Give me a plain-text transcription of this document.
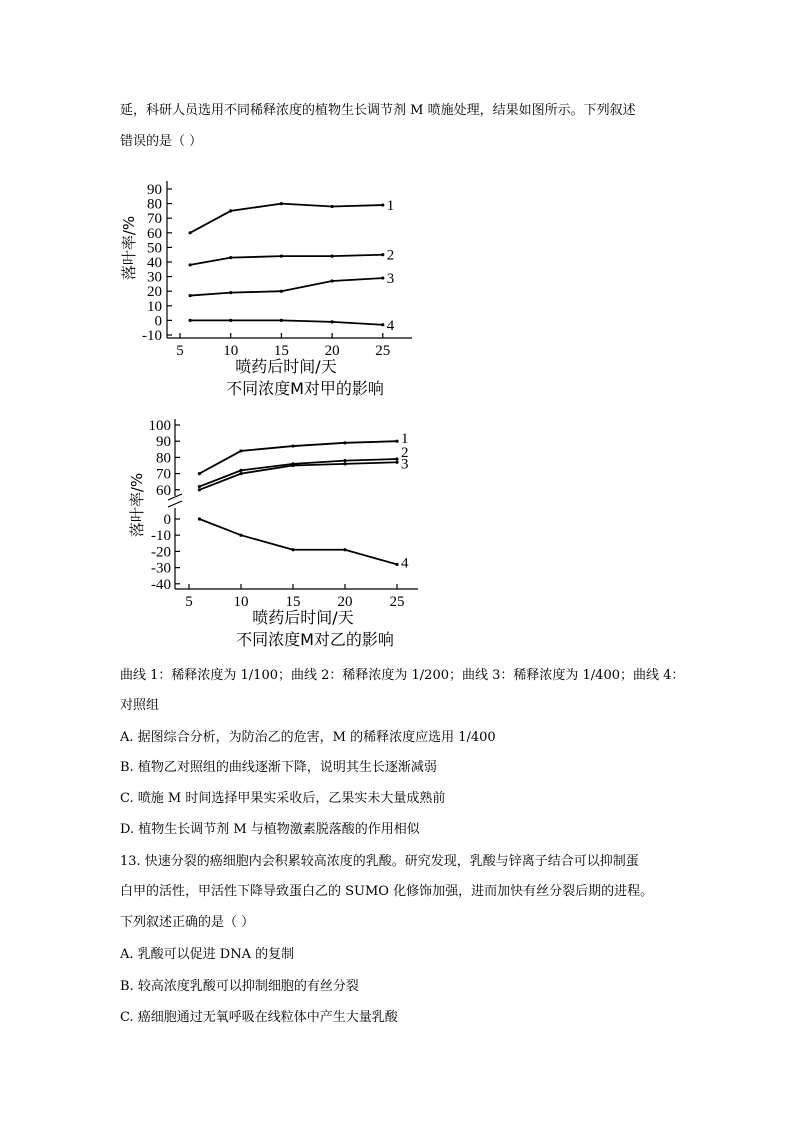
延，科研人员选用不同稀释浓度的植物生长调节剂 M 喷施处理，结果如图所示。下列叙述
错误的是（ ）
90
80
70
60
50
40
30
20
10
0
-10
5	10 15 20 25
落叶率/%
喷药后时间/天
不同浓度M对甲的影响
1
2
3
4
100
90
80
70
60
0
-10
-20
-30
-40
5	10 15 20 25
落叶率/%
喷药后时间/天
不同浓度M对乙的影响
1
2
3
4
曲线 1：稀释浓度为 1/100；曲线 2：稀释浓度为 1/200；曲线 3：稀释浓度为 1/400；曲线 4：
对照组
A. 据图综合分析，为防治乙的危害，M 的稀释浓度应选用 1/400
B. 植物乙对照组的曲线逐渐下降，说明其生长逐渐减弱
C. 喷施 M 时间选择甲果实采收后，乙果实未大量成熟前
D. 植物生长调节剂 M 与植物激素脱落酸的作用相似
13. 快速分裂的癌细胞内会积累较高浓度的乳酸。研究发现，乳酸与锌离子结合可以抑制蛋
白甲的活性，甲活性下降导致蛋白乙的 SUMO 化修饰加强，进而加快有丝分裂后期的进程。
下列叙述正确的是（ ）
A. 乳酸可以促进 DNA 的复制
B. 较高浓度乳酸可以抑制细胞的有丝分裂
C. 癌细胞通过无氧呼吸在线粒体中产生大量乳酸
